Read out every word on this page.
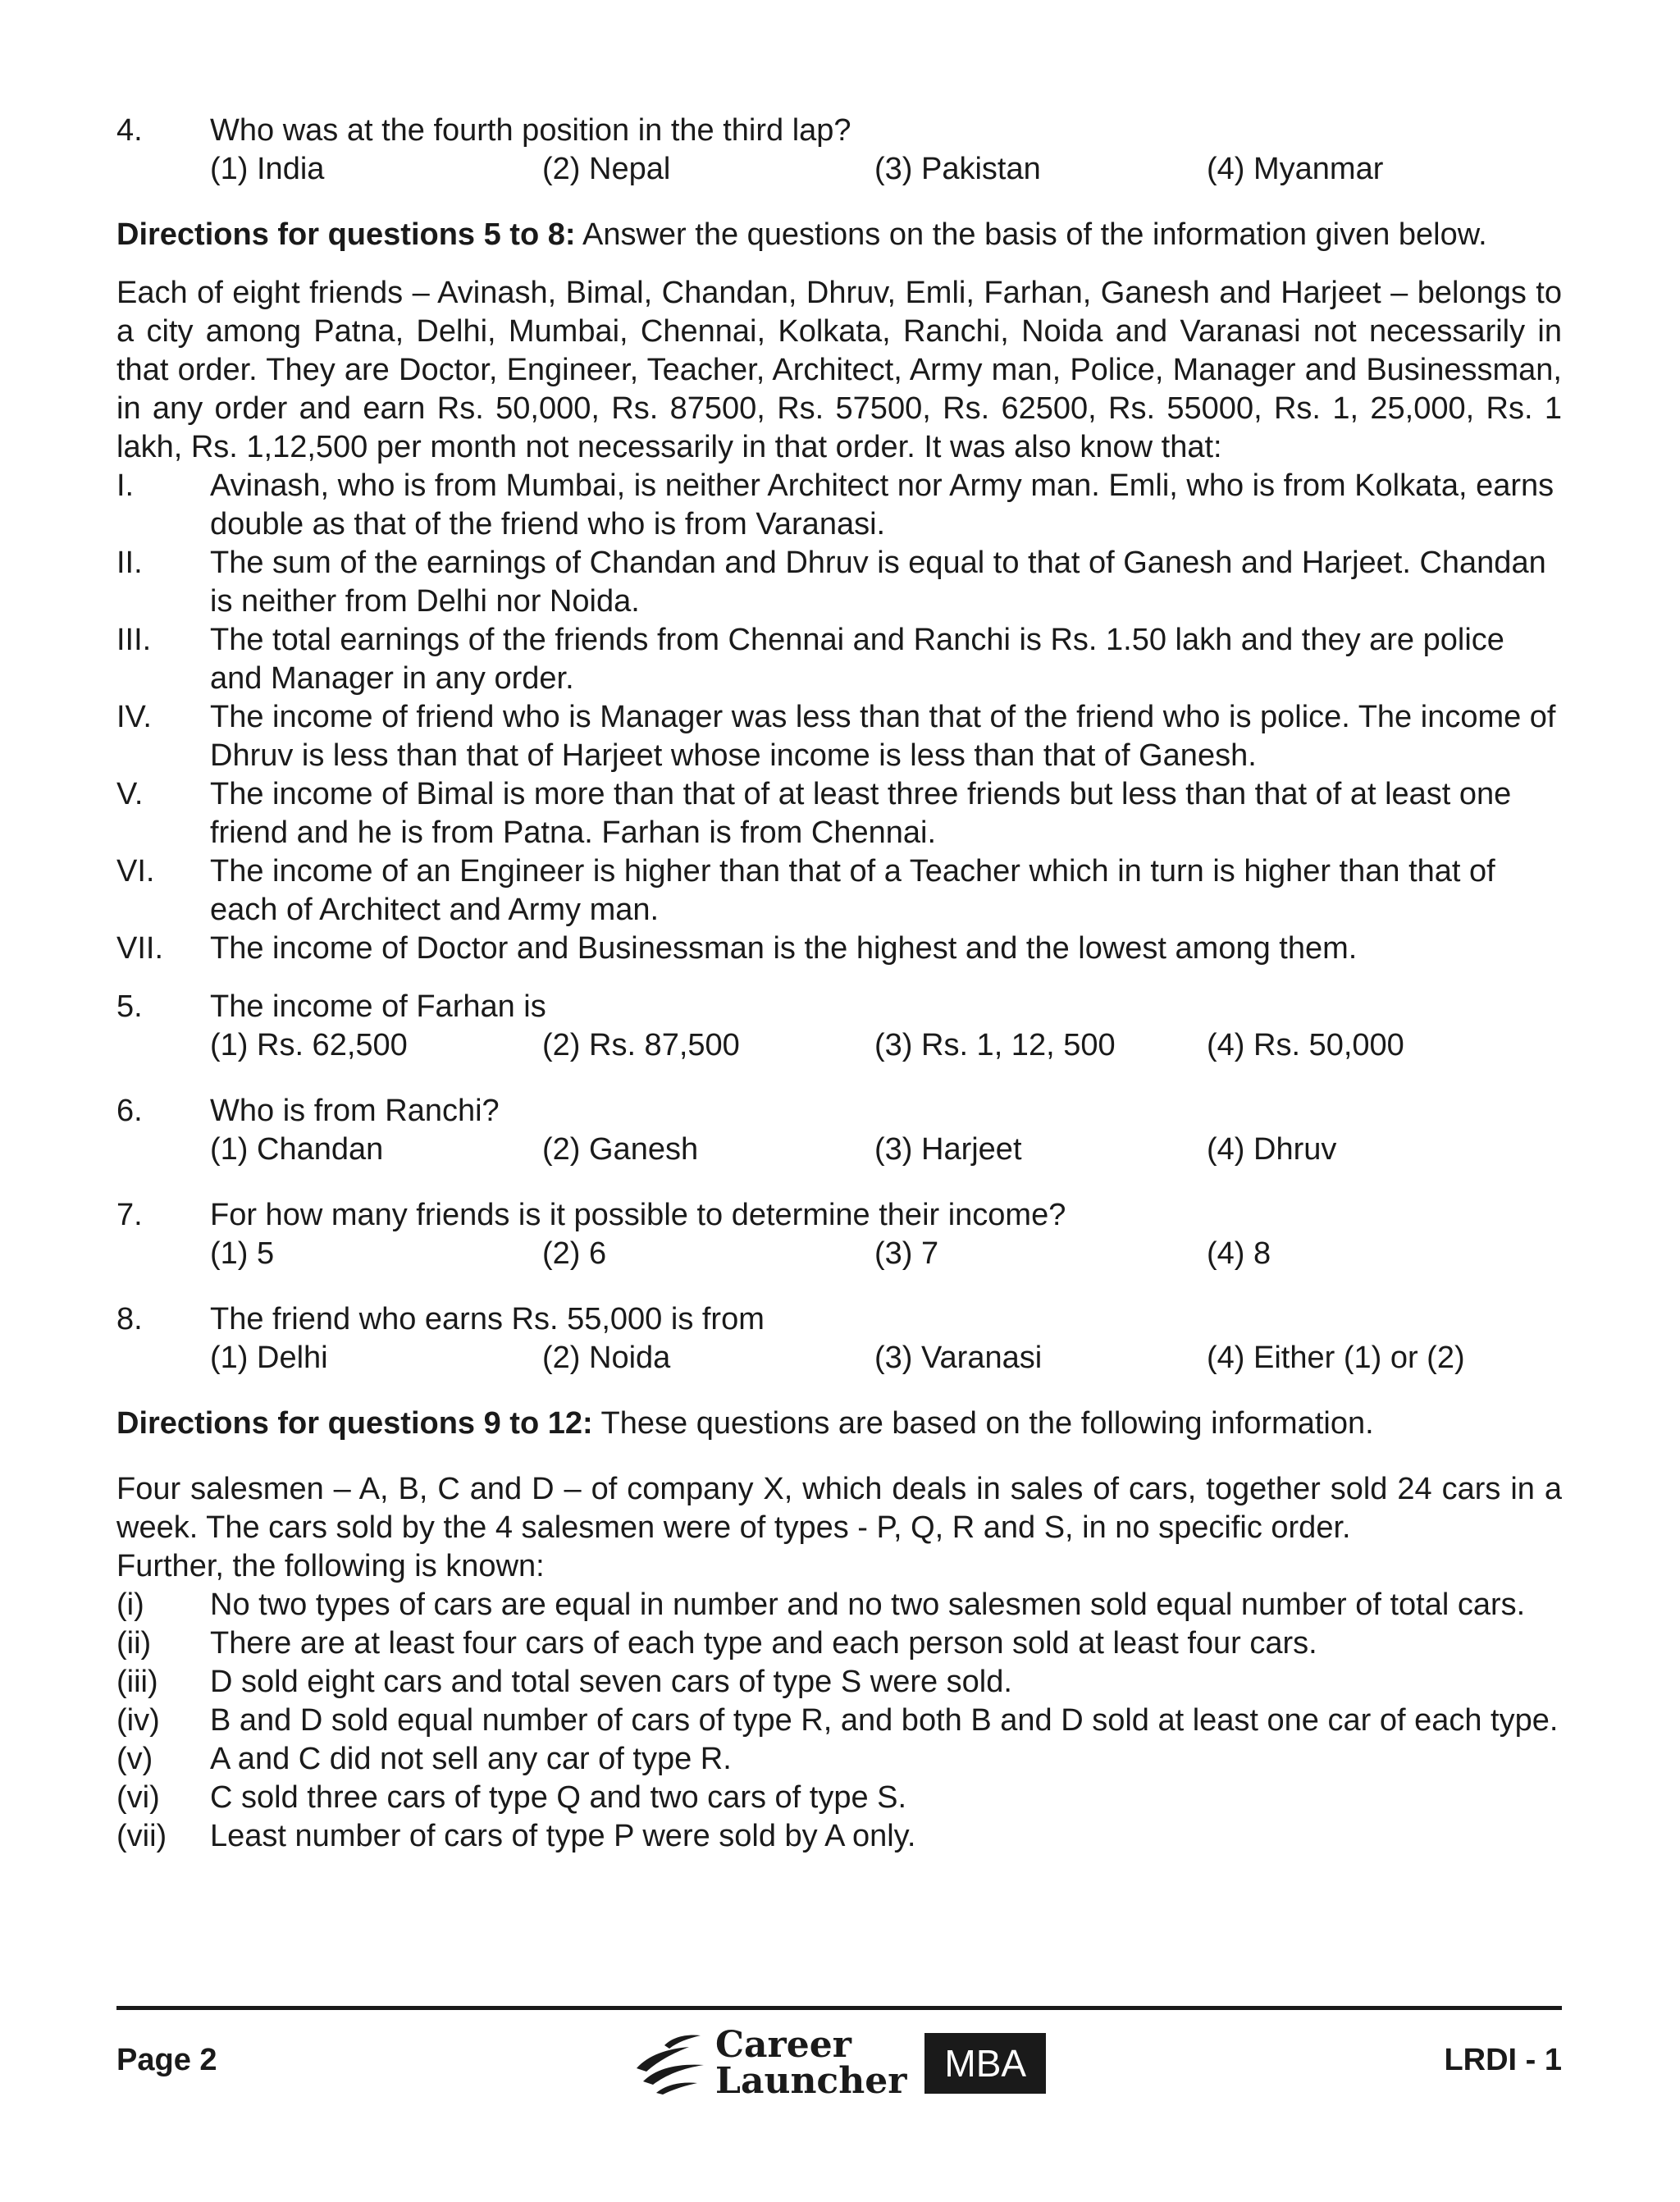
4. Who was at the fourth position in the third lap?
(1) India	(2) Nepal	(3) Pakistan	(4) Myanmar

Directions for questions 5 to 8: Answer the questions on the basis of the information given below.

Each of eight friends – Avinash, Bimal, Chandan, Dhruv, Emli, Farhan, Ganesh and Harjeet – belongs to a city among Patna, Delhi, Mumbai, Chennai, Kolkata, Ranchi, Noida and Varanasi not necessarily in that order. They are Doctor, Engineer, Teacher, Architect, Army man, Police, Manager and Businessman, in any order and earn Rs. 50,000, Rs. 87500, Rs. 57500, Rs. 62500, Rs. 55000, Rs. 1, 25,000, Rs. 1 lakh, Rs. 1,12,500 per month not necessarily in that order. It was also know that:

I. Avinash, who is from Mumbai, is neither Architect nor Army man. Emli, who is from Kolkata, earns double as that of the friend who is from Varanasi.
II. The sum of the earnings of Chandan and Dhruv is equal to that of Ganesh and Harjeet. Chandan is neither from Delhi nor Noida.
III. The total earnings of the friends from Chennai and Ranchi is Rs. 1.50 lakh and they are police and Manager in any order.
IV. The income of friend who is Manager was less than that of the friend who is police. The income of Dhruv is less than that of Harjeet whose income is less than that of Ganesh.
V. The income of Bimal is more than that of at least three friends but less than that of at least one friend and he is from Patna. Farhan is from Chennai.
VI. The income of an Engineer is higher than that of a Teacher which in turn is higher than that of each of Architect and Army man.
VII. The income of Doctor and Businessman is the highest and the lowest among them.
5. The income of Farhan is
(1) Rs. 62,500	(2) Rs. 87,500	(3) Rs. 1, 12, 500	(4) Rs. 50,000
6. Who is from Ranchi?
(1) Chandan	(2) Ganesh	(3) Harjeet	(4) Dhruv
7. For how many friends is it possible to determine their income?
(1) 5	(2) 6	(3) 7	(4) 8
8. The friend who earns Rs. 55,000 is from
(1) Delhi	(2) Noida	(3) Varanasi	(4) Either (1) or (2)

Directions for questions 9 to 12: These questions are based on the following information.

Four salesmen – A, B, C and D – of company X, which deals in sales of cars, together sold 24 cars in a week. The cars sold by the 4 salesmen were of types - P, Q, R and S, in no specific order.

Further, the following is known:

(i) No two types of cars are equal in number and no two salesmen sold equal number of total cars.
(ii) There are at least four cars of each type and each person sold at least four cars.
(iii) D sold eight cars and total seven cars of type S were sold.
(iv) B and D sold equal number of cars of type R, and both B and D sold at least one car of each type.
(v) A and C did not sell any car of type R.
(vi) C sold three cars of type Q and two cars of type S.
(vii) Least number of cars of type P were sold by A only.
Page 2	Career
Launcher	MBA	LRDI - 1
